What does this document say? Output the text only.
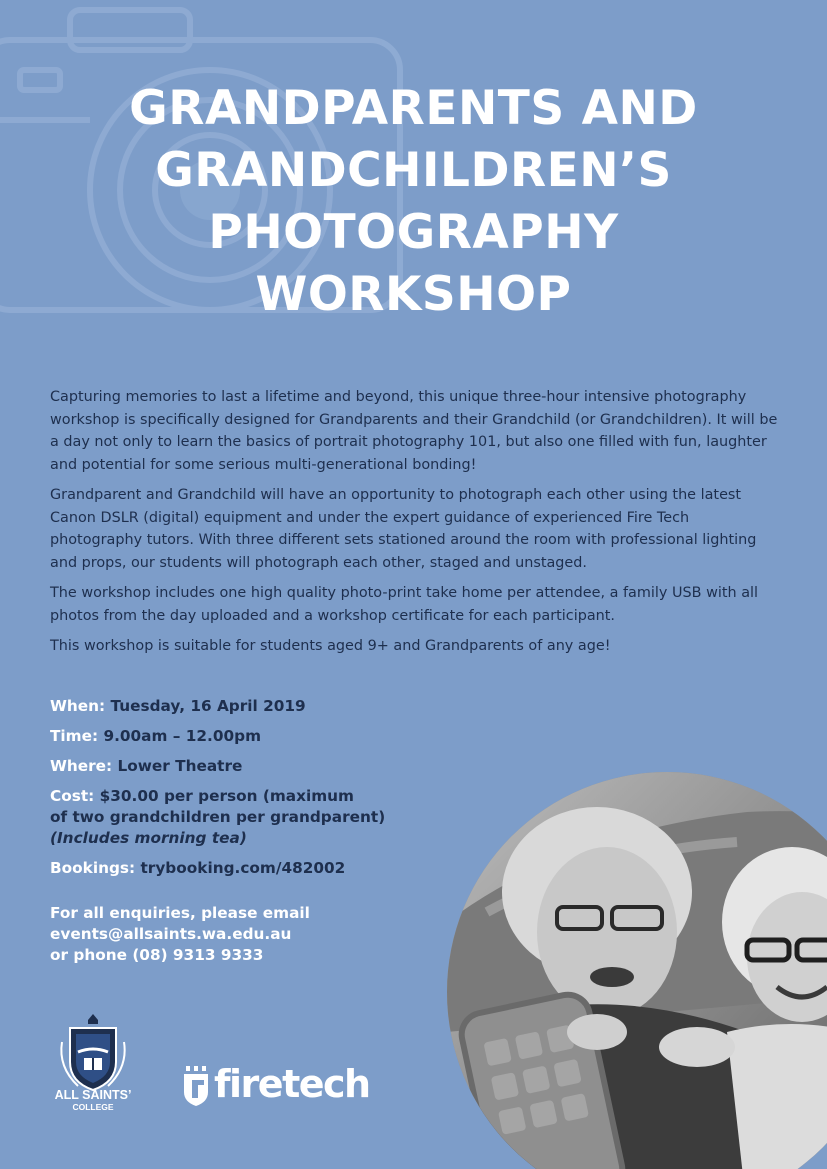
GRANDPARENTS AND
GRANDCHILDREN’S
PHOTOGRAPHY
WORKSHOP

Capturing memories to last a lifetime and beyond, this unique three-hour intensive photography workshop is specifically designed for Grandparents and their Grandchild (or Grandchildren). It will be a day not only to learn the basics of portrait photography 101, but also one filled with fun, laughter and potential for some serious multi-generational bonding!

Grandparent and Grandchild will have an opportunity to photograph each other using the latest Canon DSLR (digital) equipment and under the expert guidance of experienced Fire Tech photography tutors. With three different sets stationed around the room with professional lighting and props, our students will photograph each other, staged and unstaged.

The workshop includes one high quality photo-print take home per attendee, a family USB with all photos from the day uploaded and a workshop certificate for each participant.

This workshop is suitable for students aged 9+ and Grandparents of any age!

When: Tuesday, 16 April 2019
Time: 9.00am – 12.00pm
Where: Lower Theatre
Cost: $30.00 per person (maximum
of two grandchildren per grandparent)
(Includes morning tea)
Bookings: trybooking.com/482002
For all enquiries, please email
events@allsaints.wa.edu.au
or phone (08) 9313 9333
ALL SAINTS’

COLLEGE
firetech
